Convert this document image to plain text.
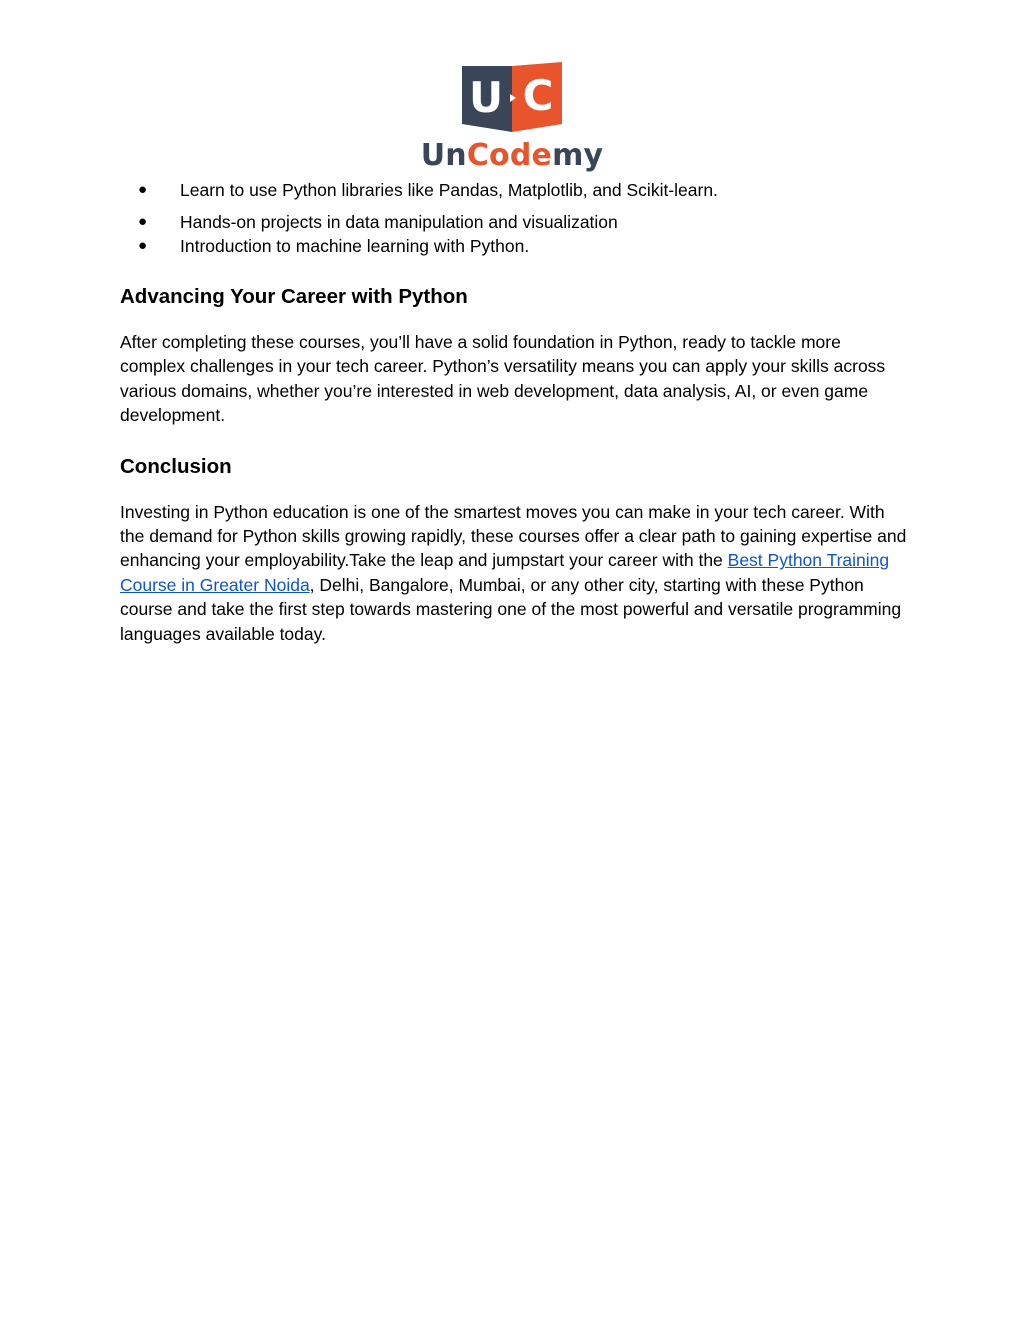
U C
UnCodemy
● Learn to use Python libraries like Pandas, Matplotlib, and Scikit-learn.
● Hands-on projects in data manipulation and visualization
● Introduction to machine learning with Python.
Advancing Your Career with Python

After completing these courses, you’ll have a solid foundation in Python, ready to tackle more complex challenges in your tech career. Python’s versatility means you can apply your skills across various domains, whether you’re interested in web development, data analysis, AI, or even game development.

Conclusion

Investing in Python education is one of the smartest moves you can make in your tech career. With the demand for Python skills growing rapidly, these courses offer a clear path to gaining expertise and enhancing your employability.Take the leap and jumpstart your career with the Best Python Training Course in Greater Noida, Delhi, Bangalore, Mumbai, or any other city, starting with these Python course and take the first step towards mastering one of the most powerful and versatile programming languages available today.
